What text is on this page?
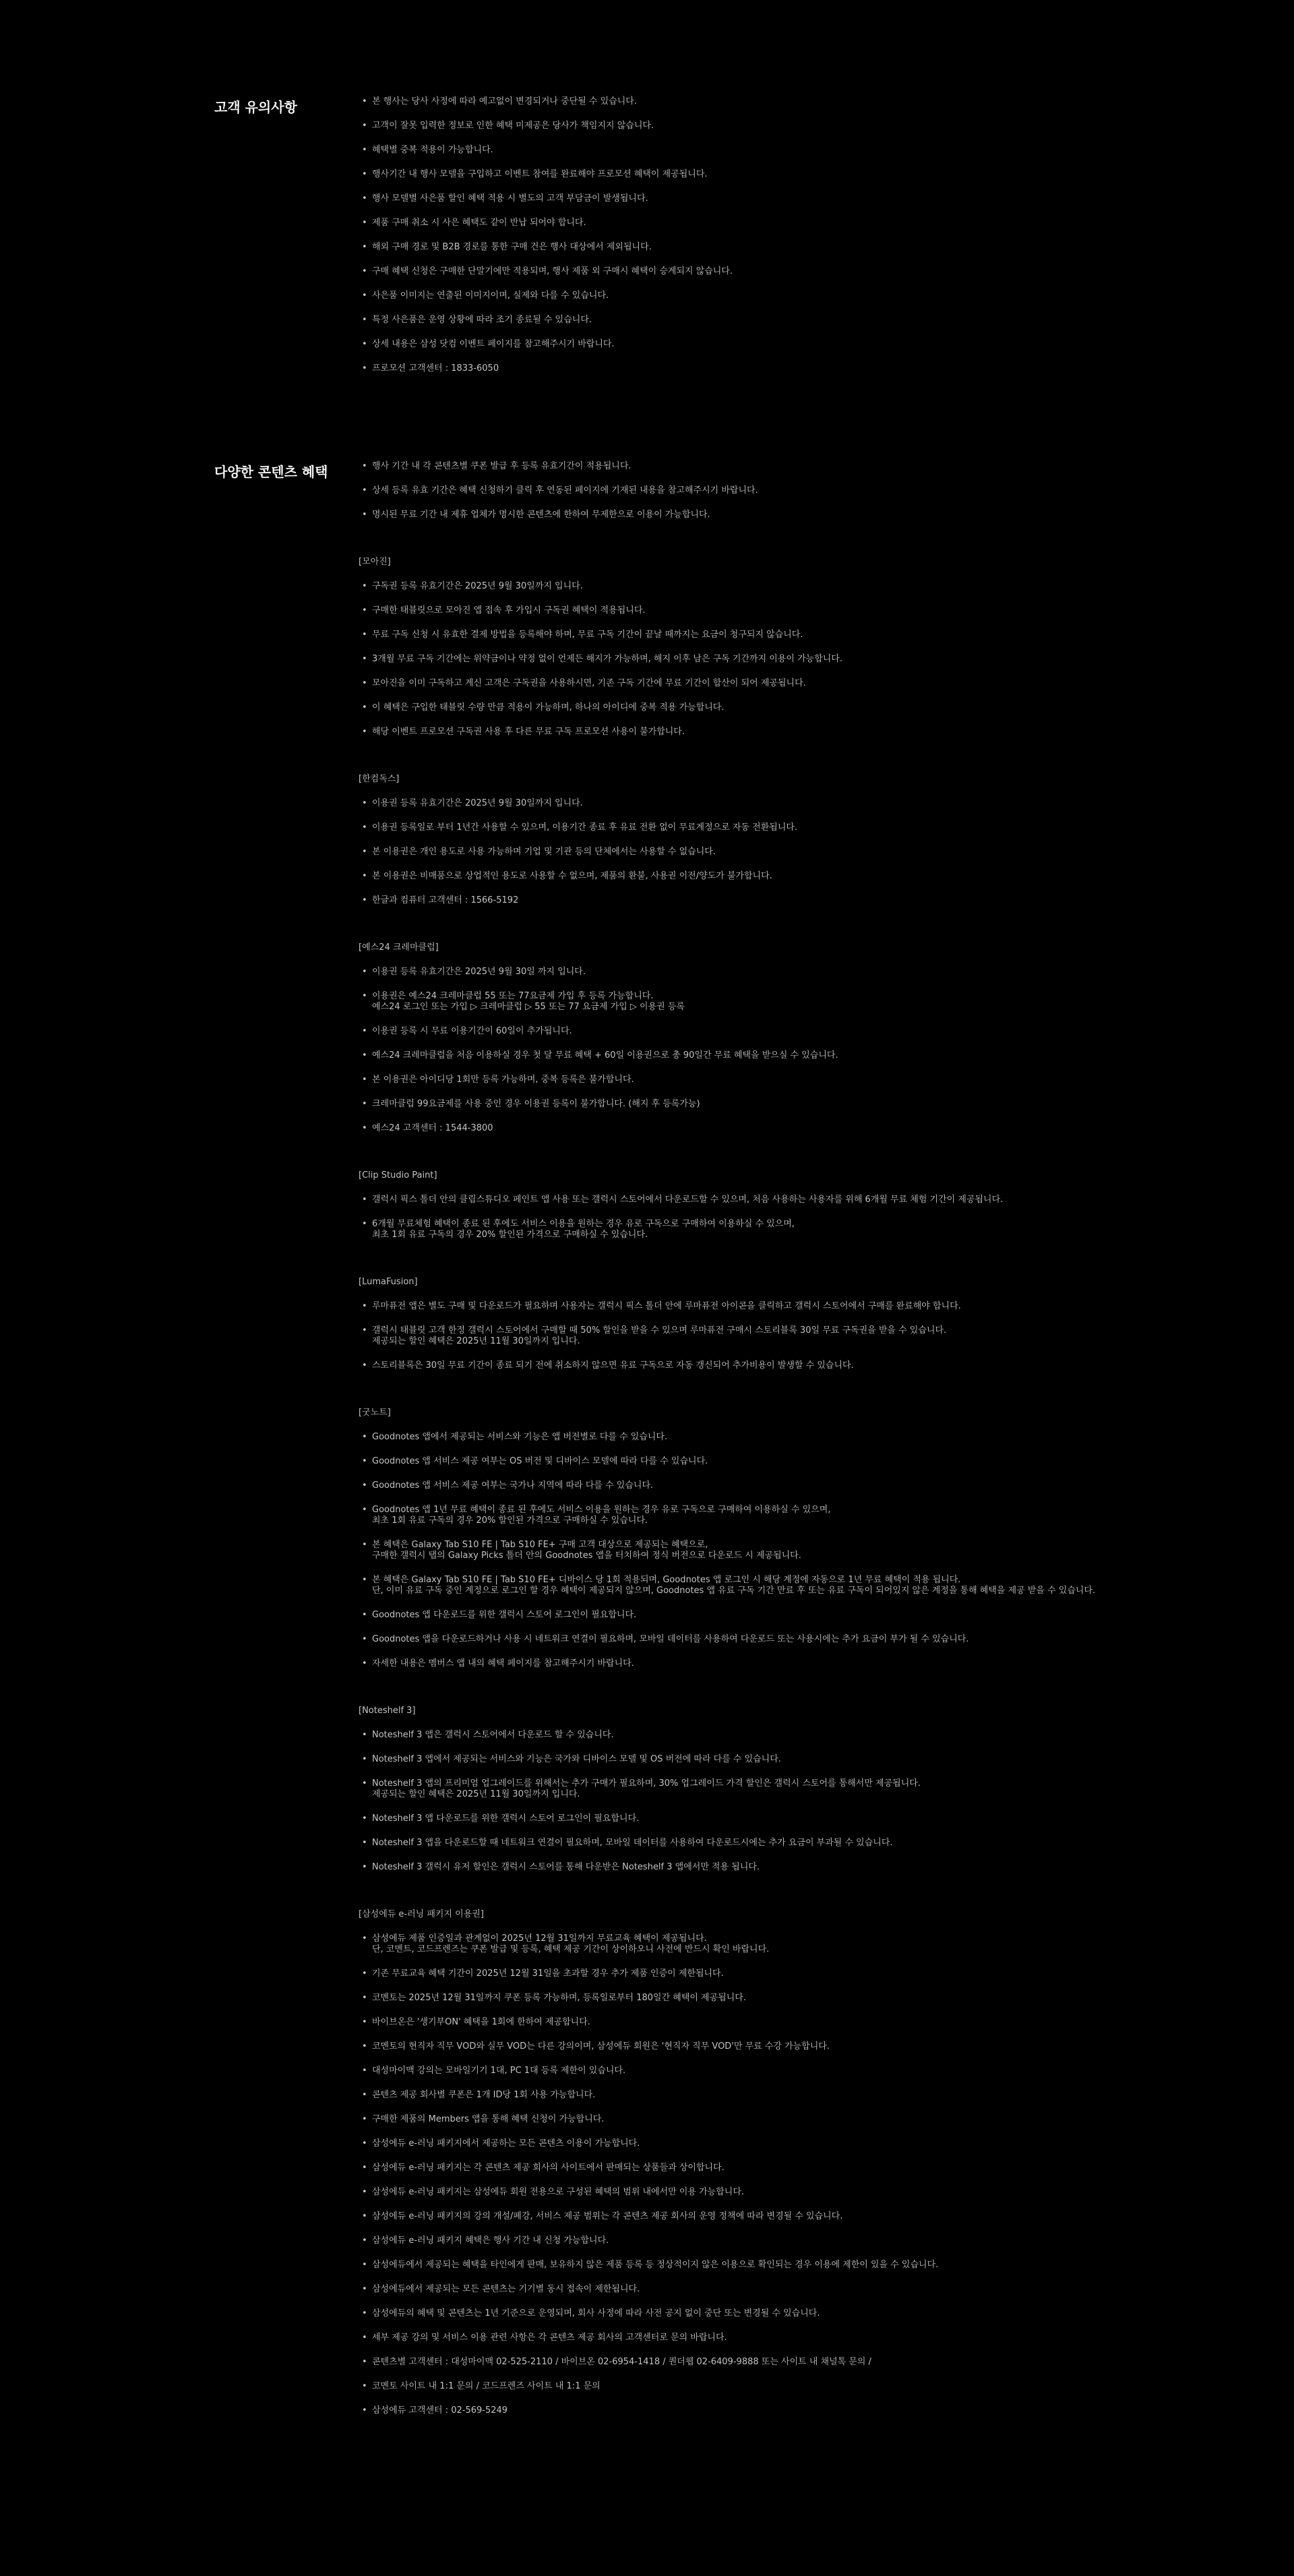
고객 유의사항	• 본 행사는 당사 사정에 따라 예고없이 변경되거나 중단될 수 있습니다.
• 고객이 잘못 입력한 정보로 인한 혜택 미제공은 당사가 책임지지 않습니다.
• 혜택별 중복 적용이 가능합니다.
• 행사기간 내 행사 모델을 구입하고 이벤트 참여를 완료해야 프로모션 혜택이 제공됩니다.
• 행사 모델별 사은품 할인 혜택 적용 시 별도의 고객 부담금이 발생됩니다.
• 제품 구매 취소 시 사은 혜택도 같이 반납 되어야 합니다.
• 해외 구매 경로 및 B2B 경로를 통한 구매 건은 행사 대상에서 제외됩니다.
• 구매 혜택 신청은 구매한 단말기에만 적용되며, 행사 제품 외 구매시 혜택이 승계되지 않습니다.
• 사은품 이미지는 연출된 이미지이며, 실제와 다를 수 있습니다.
• 특정 사은품은 운영 상황에 따라 조기 종료될 수 있습니다.
• 상세 내용은 삼성 닷컴 이벤트 페이지를 참고해주시기 바랍니다.
• 프로모션 고객센터 : 1833-6050
다양한 콘텐츠 혜택	• 행사 기간 내 각 콘텐츠별 쿠폰 발급 후 등록 유효기간이 적용됩니다.
• 상세 등록 유효 기간은 혜택 신청하기 클릭 후 연동된 페이지에 기재된 내용을 참고해주시기 바랍니다.
• 명시된 무료 기간 내 제휴 업체가 명시한 콘텐츠에 한하여 무제한으로 이용이 가능합니다.
[모아진]
• 구독권 등록 유효기간은 2025년 9월 30일까지 입니다.
• 구매한 태블릿으로 모아진 앱 접속 후 가입시 구독권 혜택이 적용됩니다.
• 무료 구독 신청 시 유효한 결제 방법을 등록해야 하며, 무료 구독 기간이 끝날 때까지는 요금이 청구되지 않습니다.
• 3개월 무료 구독 기간에는 위약금이나 약정 없이 언제든 해지가 가능하며, 해지 이후 남은 구독 기간까지 이용이 가능합니다.
• 모아진을 이미 구독하고 계신 고객은 구독권을 사용하시면, 기존 구독 기간에 무료 기간이 합산이 되어 제공됩니다.
• 이 혜택은 구입한 태블릿 수량 만큼 적용이 가능하며, 하나의 아이디에 중복 적용 가능합니다.
• 해당 이벤트 프로모션 구독권 사용 후 다른 무료 구독 프로모션 사용이 불가합니다.
[한컴독스]
• 이용권 등록 유효기간은 2025년 9월 30일까지 입니다.
• 이용권 등록일로 부터 1년간 사용할 수 있으며, 이용기간 종료 후 유료 전환 없이 무료계정으로 자동 전환됩니다.
• 본 이용권은 개인 용도로 사용 가능하며 기업 및 기관 등의 단체에서는 사용할 수 없습니다.
• 본 이용권은 비매품으로 상업적인 용도로 사용할 수 없으며, 제품의 환불, 사용권 이전/양도가 불가합니다.
• 한글과 컴퓨터 고객센터 : 1566-5192
[예스24 크레마클럽]
• 이용권 등록 유효기간은 2025년 9월 30일 까지 입니다.
• 이용권은 예스24 크레마클럽 55 또는 77요금제 가입 후 등록 가능합니다.
예스24 로그인 또는 가입 ▷ 크레마클럽 ▷ 55 또는 77 요금제 가입 ▷ 이용권 등록
• 이용권 등록 시 무료 이용기간이 60일이 추가됩니다.
• 예스24 크레마클럽을 처음 이용하실 경우 첫 달 무료 혜택 + 60일 이용권으로 총 90일간 무료 혜택을 받으실 수 있습니다.
• 본 이용권은 아이디당 1회만 등록 가능하며, 중복 등록은 불가합니다.
• 크레마클럽 99요금제를 사용 중인 경우 이용권 등록이 불가합니다. (해지 후 등록가능)
• 예스24 고객센터 : 1544-3800
[Clip Studio Paint]
• 갤럭시 픽스 톨더 안의 클립스튜디오 페인트 앱 사용 또는 갤럭시 스토어에서 다운로드할 수 있으며, 처음 사용하는 사용자를 위해 6개월 무료 체험 기간이 제공됩니다.
• 6개월 무료체험 혜택이 종료 된 후에도 서비스 이용을 원하는 경우 유로 구독으로 구매하여 이용하실 수 있으며,
최초 1회 유료 구독의 경우 20% 할인된 가격으로 구매하실 수 있습니다.
[LumaFusion]
• 루마퓨전 앱은 별도 구매 및 다운로드가 필요하며 사용자는 갤럭시 픽스 톨더 안에 루마퓨전 아이콘을 클릭하고 갤럭시 스토어에서 구매를 완료해야 합니다.
• 갤럭시 태블릿 고객 한정 갤럭시 스토어에서 구매할 때 50% 할인을 받을 수 있으며 루마퓨전 구매시 스토리블록 30일 무료 구독권을 받을 수 있습니다.
제공되는 할인 혜택은 2025년 11월 30일까지 입니다.
• 스토리블록은 30일 무료 기간이 종료 되기 전에 취소하지 않으면 유료 구독으로 자동 갱신되어 추가비용이 발생할 수 있습니다.
[굿노트]
• Goodnotes 앱에서 제공되는 서비스와 기능은 앱 버전별로 다를 수 있습니다.
• Goodnotes 앱 서비스 제공 여부는 OS 버전 및 디바이스 모델에 따라 다를 수 있습니다.
• Goodnotes 앱 서비스 제공 여부는 국가나 지역에 따라 다를 수 있습니다.
• Goodnotes 앱 1년 무료 혜택이 종료 된 후에도 서비스 이용을 원하는 경우 유로 구독으로 구매하여 이용하실 수 있으며,
최초 1회 유료 구독의 경우 20% 할인된 가격으로 구매하실 수 있습니다.
• 본 혜택은 Galaxy Tab S10 FE | Tab S10 FE+ 구매 고객 대상으로 제공되는 혜택으로,
구매한 갤럭시 탭의 Galaxy Picks 톨더 안의 Goodnotes 앱을 터치하여 정식 버전으로 다운로드 시 제공됩니다.
• 본 혜택은 Galaxy Tab S10 FE | Tab S10 FE+ 디바이스 당 1회 적용되며, Goodnotes 앱 로그인 시 해당 계정에 자동으로 1년 무료 혜택이 적용 됩니다.
단, 이미 유료 구독 중인 계정으로 로그인 할 경우 혜택이 제공되지 않으며, Goodnotes 앱 유료 구독 기간 만료 후 또는 유료 구독이 되어있지 않은 계정을 통해 혜택을 제공 받을 수 있습니다.
• Goodnotes 앱 다운로드를 위한 갤럭시 스토어 로그인이 필요합니다.
• Goodnotes 앱을 다운로드하거나 사용 시 네트워크 연결이 필요하며, 모바일 데이터를 사용하여 다운로드 또는 사용시에는 추가 요금이 부가 될 수 있습니다.
• 자세한 내용은 멤버스 앱 내의 혜택 페이지를 참고해주시기 바랍니다.
[Noteshelf 3]
• Noteshelf 3 앱은 갤럭시 스토어에서 다운로드 할 수 있습니다.
• Noteshelf 3 앱에서 제공되는 서비스와 기능은 국가와 디바이스 모델 및 OS 버전에 따라 다를 수 있습니다.
• Noteshelf 3 앱의 프리미엄 업그레이드를 위해서는 추가 구매가 필요하며, 30% 업그레이드 가격 할인은 갤럭시 스토어를 통해서만 제공됩니다.
제공되는 할인 혜택은 2025년 11월 30일까지 입니다.
• Noteshelf 3 앱 다운로드를 위한 갤럭시 스토어 로그인이 필요합니다.
• Noteshelf 3 앱을 다운로드할 때 네트워크 연결이 필요하며, 모바일 데이터를 사용하여 다운로드시에는 추가 요금이 부과될 수 있습니다.
• Noteshelf 3 갤럭시 유저 할인은 갤럭시 스토어를 통해 다운받은 Noteshelf 3 앱에서만 적용 됩니다.
[삼성에듀 e-러닝 패키지 이용권]
• 삼성에듀 제품 인증일과 관계없이 2025년 12월 31일까지 무료교육 혜택이 제공됩니다.
단, 코멘트, 코드프렌즈는 쿠폰 발급 및 등록, 혜택 제공 기간이 상이하오니 사전에 반드시 확인 바랍니다.
• 기존 무료교육 혜택 기간이 2025년 12월 31일을 초과할 경우 추가 제품 인증이 제한됩니다.
• 코멘토는 2025년 12월 31일까지 쿠폰 등록 가능하며, 등록일로부터 180일간 혜택이 제공됩니다.
• 바이브온은 '생기부ON' 혜택을 1회에 한하여 제공합니다.
• 코멘토의 현직자 직무 VOD와 실무 VOD는 다른 강의이며, 삼성에듀 회원은 '현직자 직무 VOD'만 무료 수강 가능합니다.
• 대성마이맥 강의는 모바일기기 1대, PC 1대 등록 제한이 있습니다.
• 콘텐츠 제공 회사별 쿠폰은 1개 ID당 1회 사용 가능합니다.
• 구매한 제품의 Members 앱을 통해 혜택 신청이 가능합니다.
• 삼성에듀 e-러닝 패키지에서 제공하는 모든 콘텐츠 이용이 가능합니다.
• 삼성에듀 e-러닝 패키지는 각 콘텐츠 제공 회사의 사이트에서 판매되는 상품들과 상이합니다.
• 삼성에듀 e-러닝 패키지는 삼성에듀 회원 전용으로 구성된 혜택의 범위 내에서만 이용 가능합니다.
• 삼성에듀 e-러닝 패키지의 강의 개설/폐강, 서비스 제공 범위는 각 콘텐츠 제공 회사의 운영 정책에 따라 변경될 수 있습니다.
• 삼성에듀 e-러닝 패키지 혜택은 행사 기간 내 신청 가능합니다.
• 삼성에듀에서 제공되는 혜택을 타인에게 판매, 보유하지 않은 제품 등록 등 정상적이지 않은 이용으로 확인되는 경우 이용에 제한이 있을 수 있습니다.
• 삼성에듀에서 제공되는 모든 콘텐츠는 기기별 동시 접속이 제한됩니다.
• 삼성에듀의 혜택 및 콘텐츠는 1년 기준으로 운영되며, 회사 사정에 따라 사전 공지 없이 중단 또는 변경될 수 있습니다.
• 세부 제공 강의 및 서비스 이용 관련 사항은 각 콘텐츠 제공 회사의 고객센터로 문의 바랍니다.
• 콘텐츠별 고객센터 : 대성마이맥 02-525-2110 / 바이브온 02-6954-1418 / 퀀더웹 02-6409-9888 또는 사이트 내 채널톡 문의 /
• 코멘토 사이트 내 1:1 문의 / 코드프렌즈 사이트 내 1:1 문의
• 삼성에듀 고객센터 : 02-569-5249
